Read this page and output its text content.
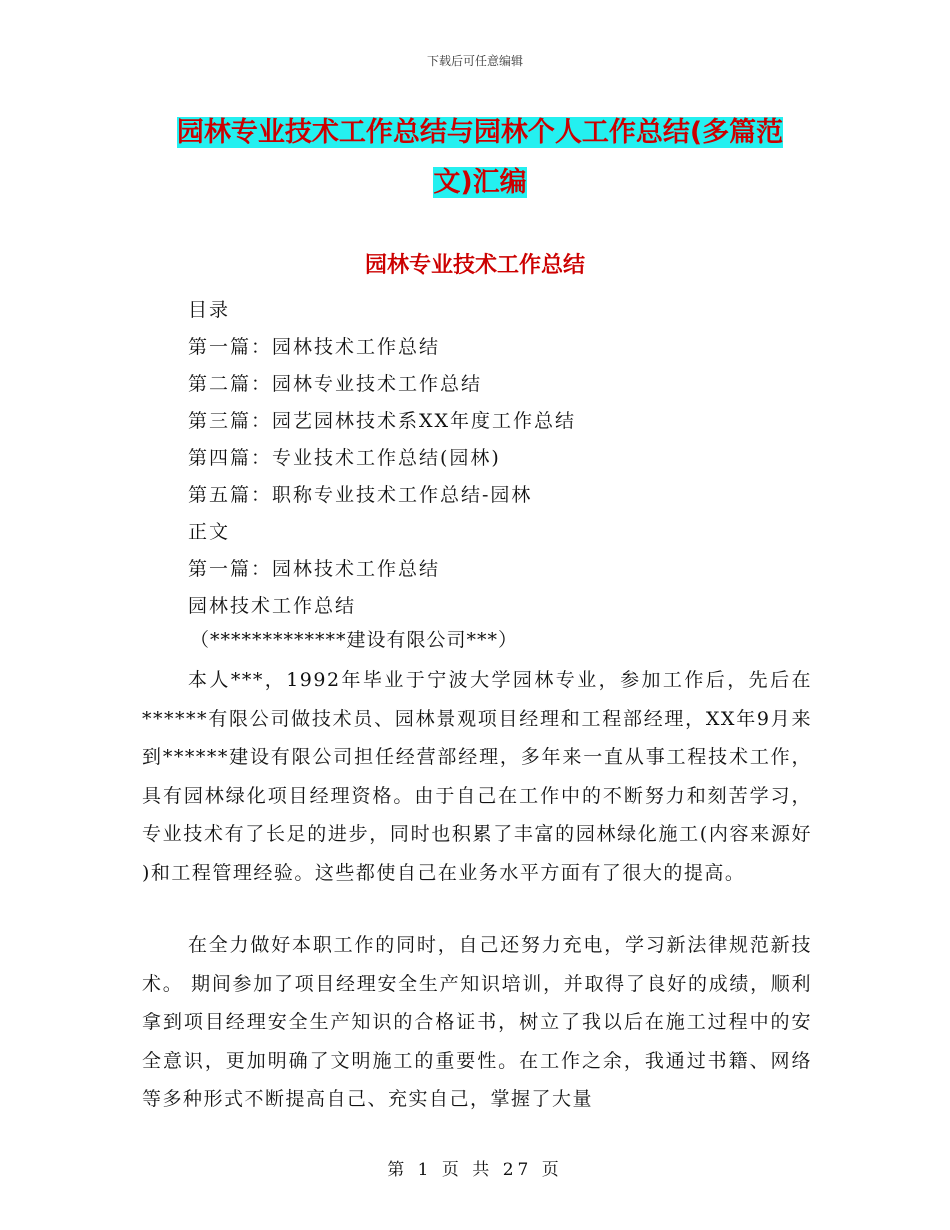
下载后可任意编辑
园林专业技术工作总结与园林个人工作总结(多篇范
文)汇编
园林专业技术工作总结
目录
第一篇：园林技术工作总结
第二篇：园林专业技术工作总结
第三篇：园艺园林技术系XX年度工作总结
第四篇：专业技术工作总结(园林)
第五篇：职称专业技术工作总结-园林
正文
第一篇：园林技术工作总结
园林技术工作总结
（*************建设有限公司***）

本人***，1992年毕业于宁波大学园林专业，参加工作后，先后在******有限公司做技术员、园林景观项目经理和工程部经理，XX年9月来到******建设有限公司担任经营部经理，多年来一直从事工程技术工作，具有园林绿化项目经理资格。由于自己在工作中的不断努力和刻苦学习，专业技术有了长足的进步，同时也积累了丰富的园林绿化施工(内容来源好 )和工程管理经验。这些都使自己在业务水平方面有了很大的提高。

在全力做好本职工作的同时，自己还努力充电，学习新法律规范新技术。 期间参加了项目经理安全生产知识培训，并取得了良好的成绩，顺利拿到项目经理安全生产知识的合格证书，树立了我以后在施工过程中的安全意识，更加明确了文明施工的重要性。在工作之余，我通过书籍、网络等多种形式不断提高自己、充实自己，掌握了大量

第 1 页 共 27 页
